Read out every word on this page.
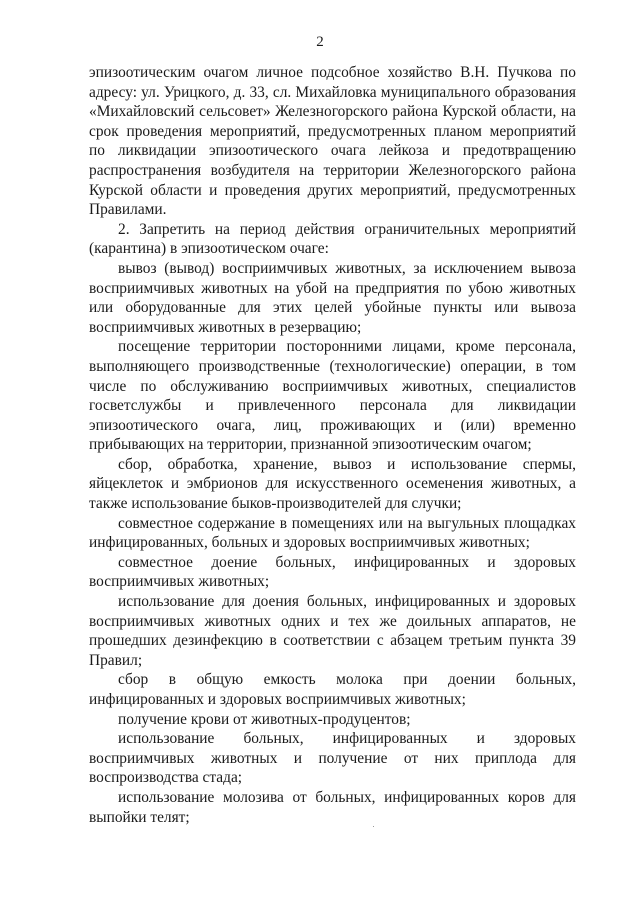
2

эпизоотическим очагом личное подсобное хозяйство В.Н. Пучкова по адресу: ул. Урицкого, д. 33, сл. Михайловка муниципального образования «Михайловский сельсовет» Железногорского района Курской области, на срок проведения мероприятий, предусмотренных планом мероприятий по ликвидации эпизоотического очага лейкоза и предотвращению распространения возбудителя на территории Железногорского района Курской области и проведения других мероприятий, предусмотренных Правилами.

2. Запретить на период действия ограничительных мероприятий (карантина) в эпизоотическом очаге:

вывоз (вывод) восприимчивых животных, за исключением вывоза восприимчивых животных на убой на предприятия по убою животных или оборудованные для этих целей убойные пункты или вывоза восприимчивых животных в резервацию;

посещение территории посторонними лицами, кроме персонала, выполняющего производственные (технологические) операции, в том числе по обслуживанию восприимчивых животных, специалистов госветслужбы и привлеченного персонала для ликвидации эпизоотического очага, лиц, проживающих и (или) временно прибывающих на территории, признанной эпизоотическим очагом;

сбор, обработка, хранение, вывоз и использование спермы, яйцеклеток и эмбрионов для искусственного осеменения животных, а также использование быков-производителей для случки;

совместное содержание в помещениях или на выгульных площадках инфицированных, больных и здоровых восприимчивых животных;

совместное доение больных, инфицированных и здоровых восприимчивых животных;

использование для доения больных, инфицированных и здоровых восприимчивых животных одних и тех же доильных аппаратов, не прошедших дезинфекцию в соответствии с абзацем третьим пункта 39 Правил;

сбор в общую емкость молока при доении больных, инфицированных и здоровых восприимчивых животных;

получение крови от животных-продуцентов;

использование больных, инфицированных и здоровых восприимчивых животных и получение от них приплода для воспроизводства стада;

использование молозива от больных, инфицированных коров для выпойки телят;
